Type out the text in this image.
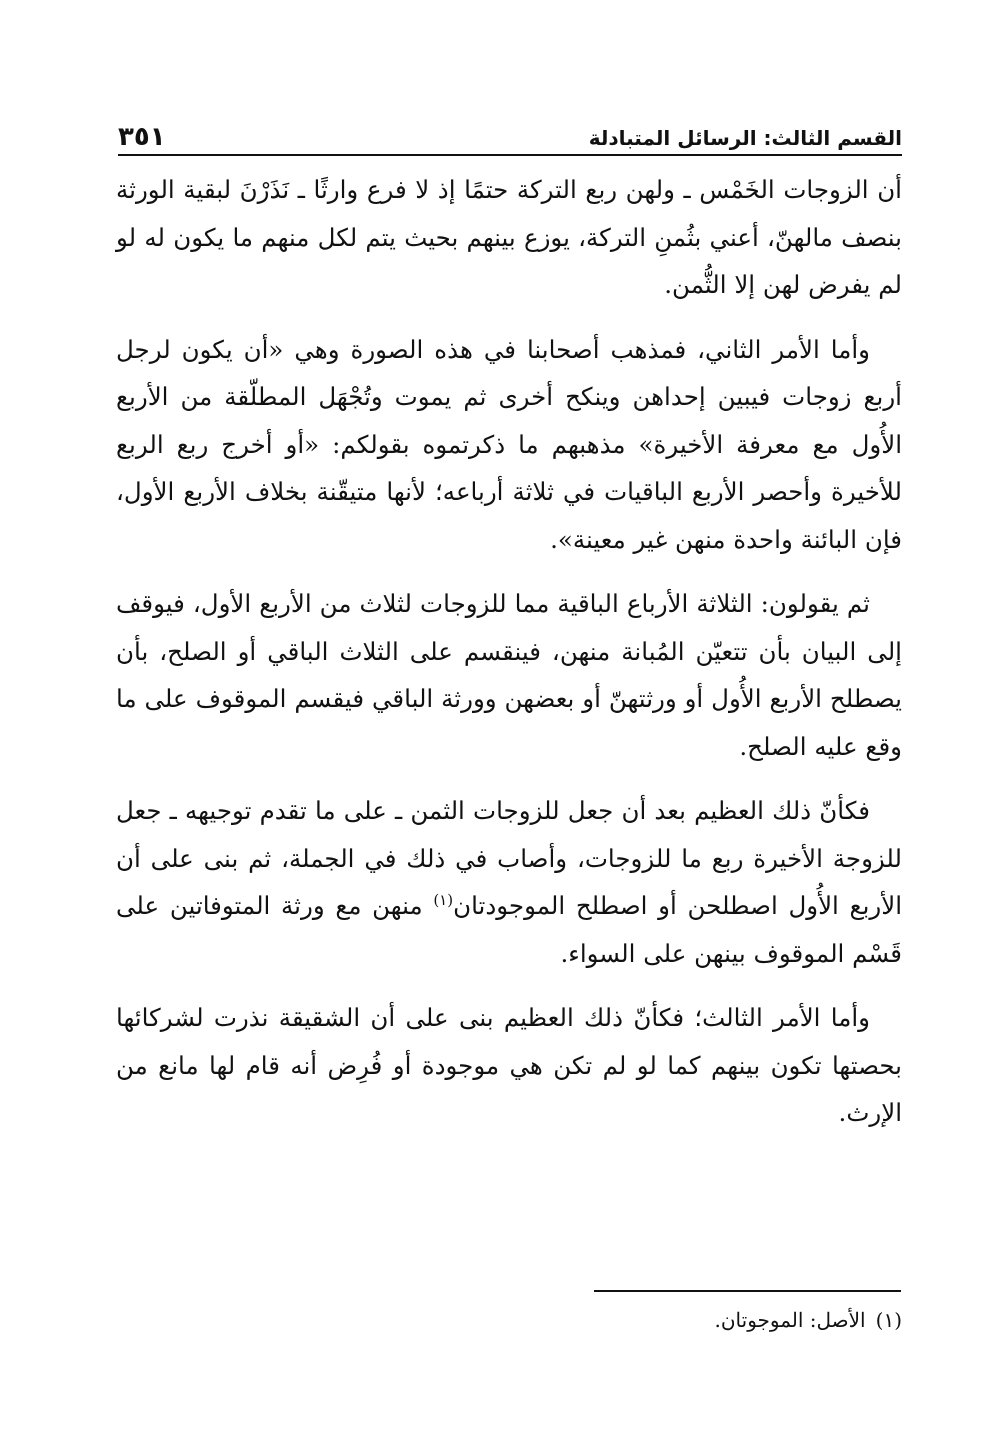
القسم الثالث: الرسائل المتبادلة
٣٥١

أن الزوجات الخَمْس ـ ولهن ربع التركة حتمًا إذ لا فرع وارثًا ـ نَذَرْنَ لبقية الورثة بنصف مالهنّ، أعني بثُمنِ التركة، يوزع بينهم بحيث يتم لكل منهم ما يكون له لو لم يفرض لهن إلا الثُّمن.

وأما الأمر الثاني، فمذهب أصحابنا في هذه الصورة وهي «أن يكون لرجل أربع زوجات فيبين إحداهن وينكح أخرى ثم يموت وتُجْهَل المطلّقة من الأربع الأُول مع معرفة الأخيرة» مذهبهم ما ذكرتموه بقولكم: «أو أخرج ربع الربع للأخيرة وأحصر الأربع الباقيات في ثلاثة أرباعه؛ لأنها متيقّنة بخلاف الأربع الأول، فإن البائنة واحدة منهن غير معينة».

ثم يقولون: الثلاثة الأرباع الباقية مما للزوجات لثلاث من الأربع الأول، فيوقف إلى البيان بأن تتعيّن المُبانة منهن، فينقسم على الثلاث الباقي أو الصلح، بأن يصطلح الأربع الأُول أو ورثتهنّ أو بعضهن وورثة الباقي فيقسم الموقوف على ما وقع عليه الصلح.

فكأنّ ذلك العظيم بعد أن جعل للزوجات الثمن ـ على ما تقدم توجيهه ـ جعل للزوجة الأخيرة ربع ما للزوجات، وأصاب في ذلك في الجملة، ثم بنى على أن الأربع الأُول اصطلحن أو اصطلح الموجودتان$^{(١)}$ منهن مع ورثة المتوفاتين على قَسْم الموقوف بينهن على السواء.

وأما الأمر الثالث؛ فكأنّ ذلك العظيم بنى على أن الشقيقة نذرت لشركائها بحصتها تكون بينهم كما لو لم تكن هي موجودة أو فُرِض أنه قام لها مانع من الإرث.

(١)الأصل: الموجوتان.
